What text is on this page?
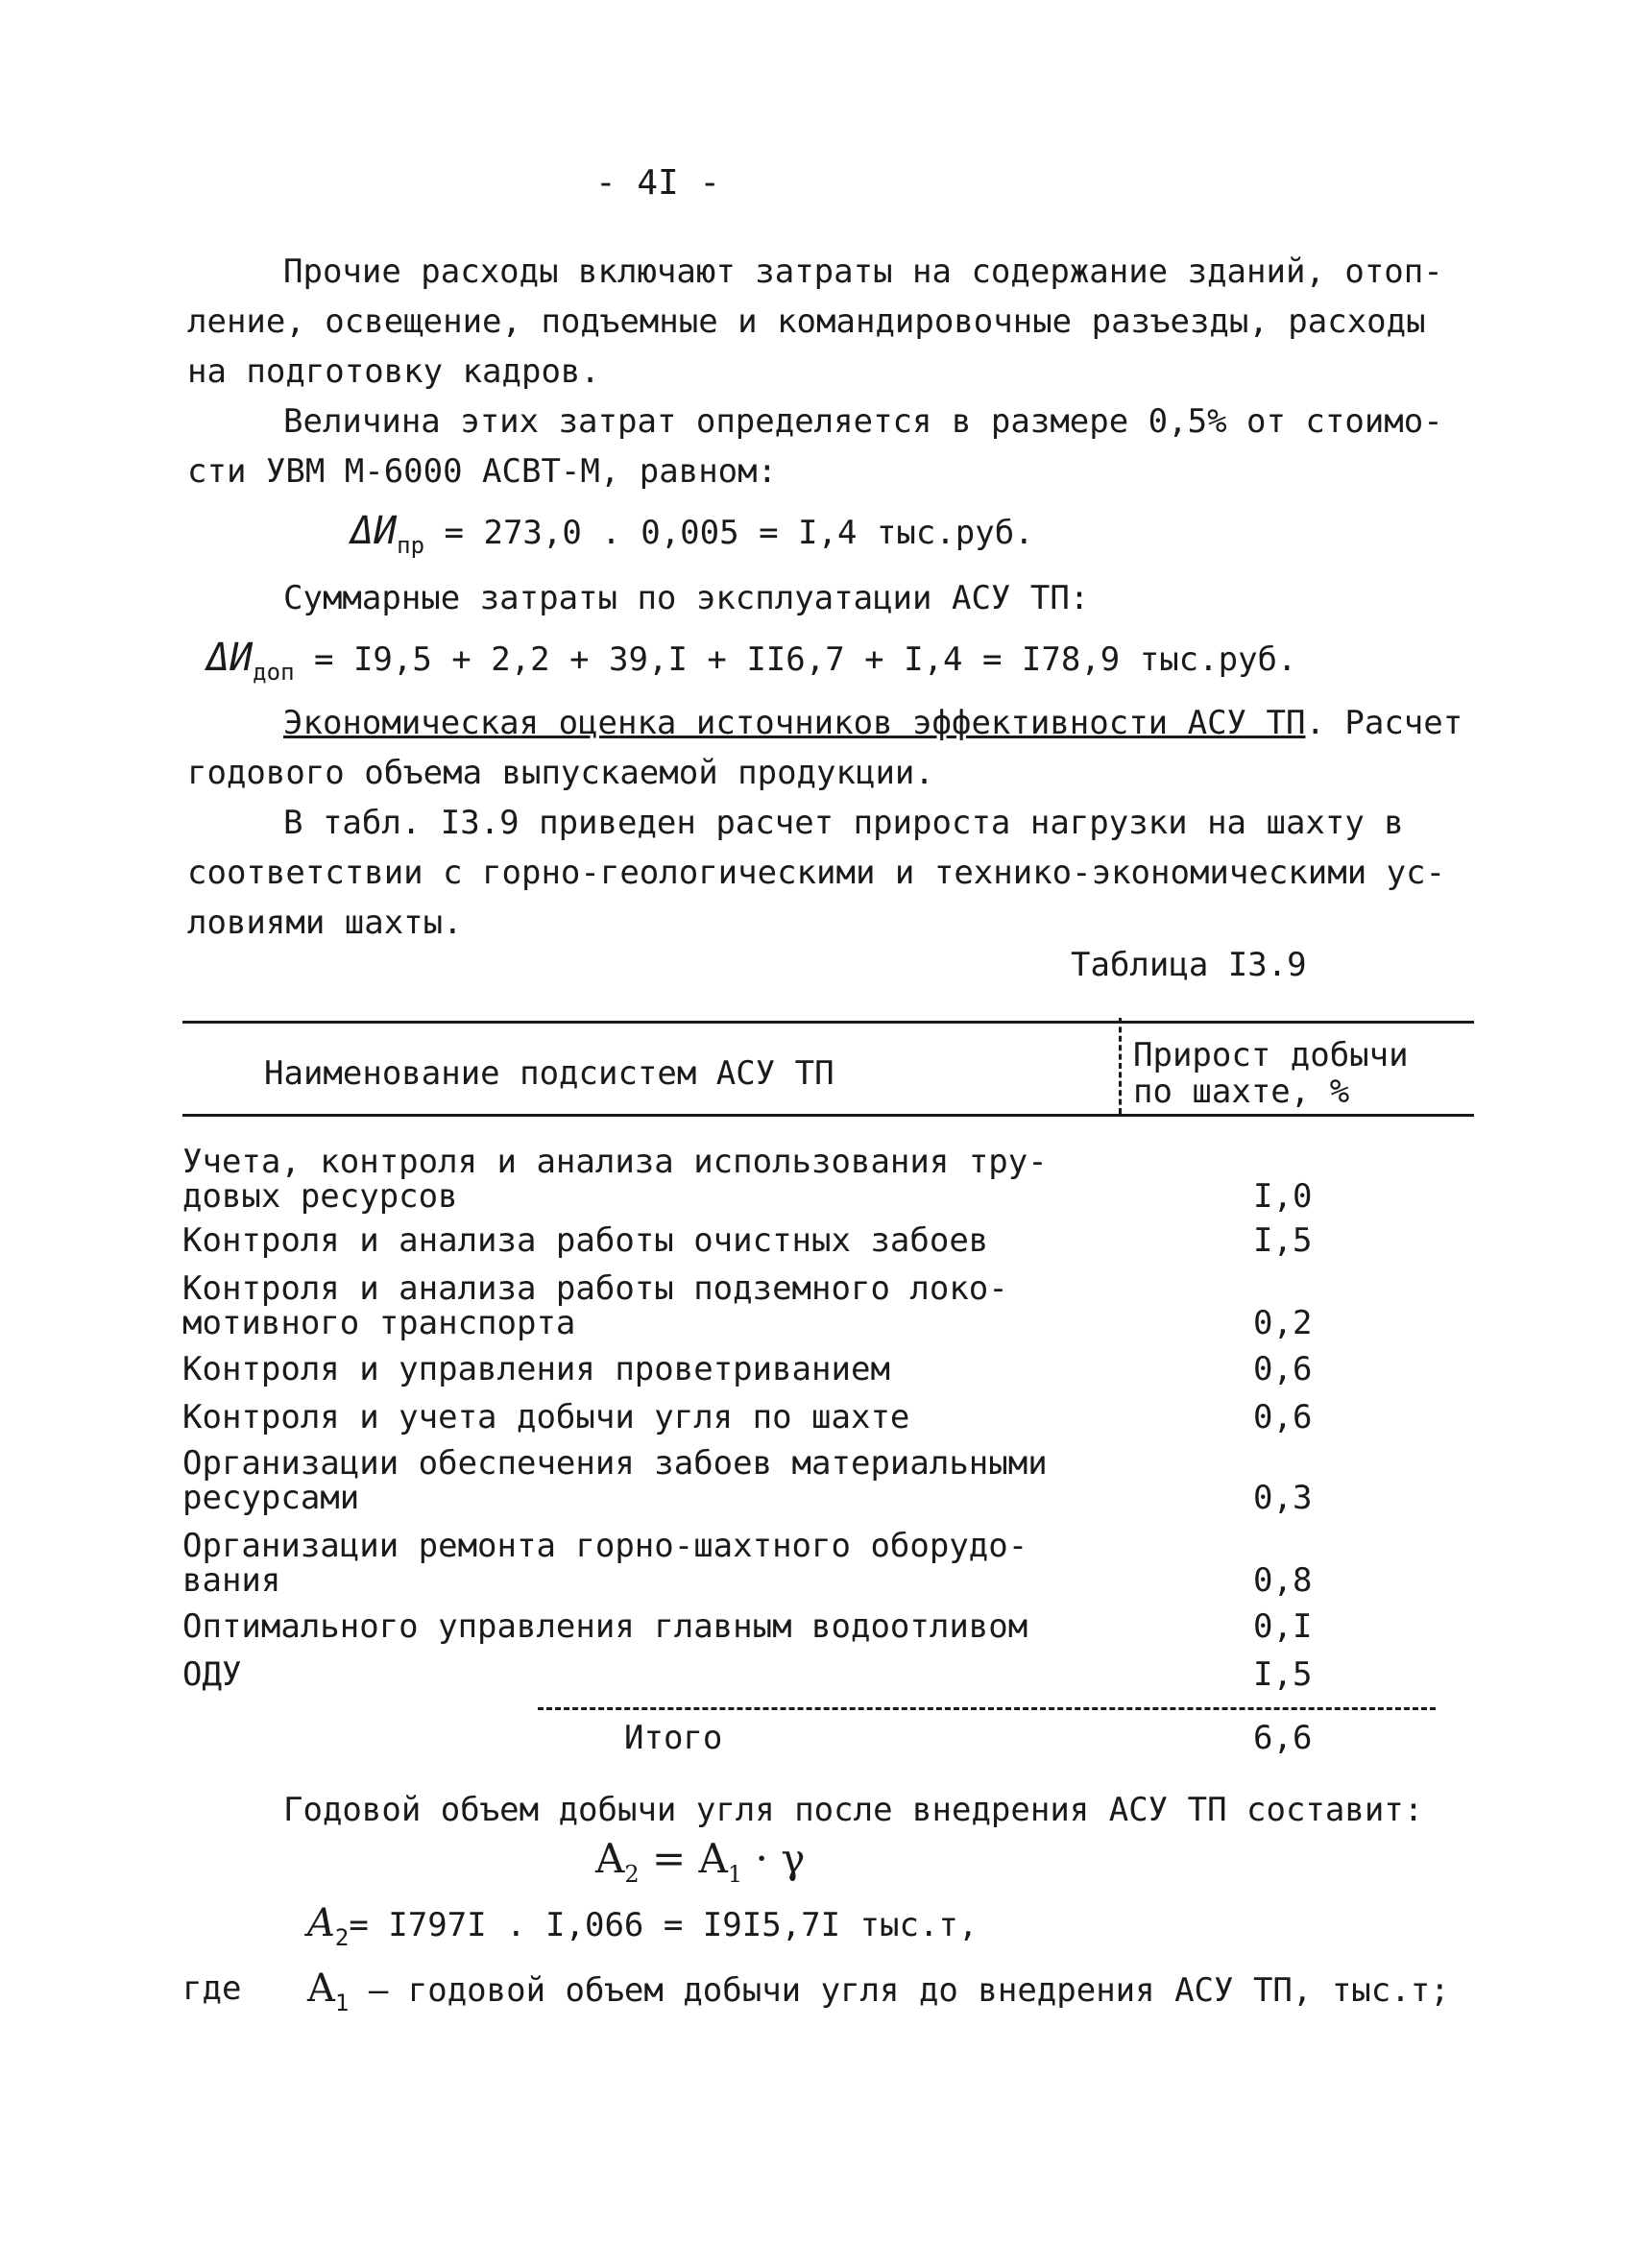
- 4I -
Прочие расходы включают затраты на содержание зданий, отоп-
ление, освещение, подъемные и командировочные разъезды, расходы
на подготовку кадров.
Величина этих затрат определяется в размере 0,5% от стоимо-
сти УВМ М-6000 АСВТ-М, равном:
$\Delta И_{пр} = 273,0$ . 0,005 = I,4 тыс.руб.
Суммарные затраты по эксплуатации АСУ ТП:
$\Delta И_{доп} = I9,5 + 2,2 + 39,I + II6,7 + I,4 = I78,9$ тыс.руб.
Экономическая оценка источников эффективности АСУ ТП. Расчет
годового объема выпускаемой продукции.
В табл. I3.9 приведен расчет прироста нагрузки на шахту в
соответствии с горно-геологическими и технико-экономическими ус-
ловиями шахты.
Таблица I3.9
Наименование подсистем АСУ ТП	Прирост добычи
по шахте, %
Учета, контроля и анализа использования тру-
довых ресурсов	I,0
Контроля и анализа работы очистных забоев	I,5
Контроля и анализа работы подземного локо-
мотивного транспорта	0,2
Контроля и управления проветриванием	0,6
Контроля и учета добычи угля по шахте	0,6
Организации обеспечения забоев материальными
ресурсами	0,3
Организации ремонта горно-шахтного оборудо-
вания	0,8
Оптимального управления главным водоотливом	0,I
ОДУ	I,5
Итого	6,6
Годовой объем добычи угля после внедрения АСУ ТП составит:
$A_2 = A_1 \cdot \gamma$
$A_2= I797I$ . I,066 = I9I5,7I тыс.т,
где $A_1$ – годовой объем добычи угля до внедрения АСУ ТП, тыс.т;
